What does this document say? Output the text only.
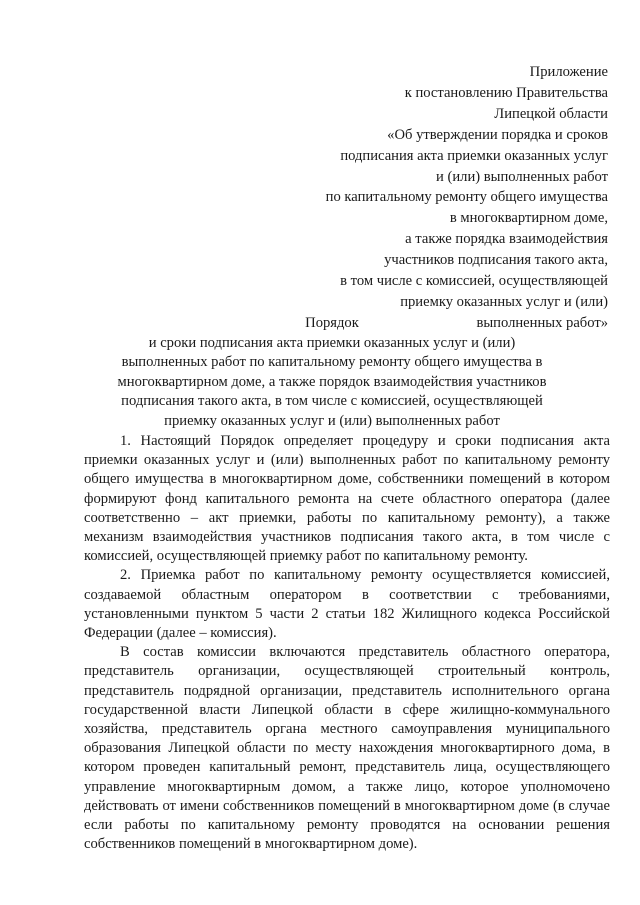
Приложение
к постановлению Правительства
Липецкой области
«Об утверждении порядка и сроков
подписания акта приемки оказанных услуг
и (или) выполненных работ
по капитальному ремонту общего имущества
в многоквартирном доме,
а также порядка взаимодействия
участников подписания такого акта,
в том числе с комиссией, осуществляющей
приемку оказанных услуг и (или)
выполненных работ»
Порядок
и сроки подписания акта приемки оказанных услуг и (или)
выполненных работ по капитальному ремонту общего имущества в
многоквартирном доме, а также порядок взаимодействия участников
подписания такого акта, в том числе с комиссией, осуществляющей
приемку оказанных услуг и (или) выполненных работ

1. Настоящий Порядок определяет процедуру и сроки подписания акта приемки оказанных услуг и (или) выполненных работ по капитальному ремонту общего имущества в многоквартирном доме, собственники помещений в котором формируют фонд капитального ремонта на счете областного оператора (далее соответственно – акт приемки, работы по капитальному ремонту), а также механизм взаимодействия участников подписания такого акта, в том числе с комиссией, осуществляющей приемку работ по капитальному ремонту.

2. Приемка работ по капитальному ремонту осуществляется комиссией, создаваемой областным оператором в соответствии с требованиями, установленными пунктом 5 части 2 статьи 182 Жилищного кодекса Российской Федерации (далее – комиссия).

В состав комиссии включаются представитель областного оператора, представитель организации, осуществляющей строительный контроль, представитель подрядной организации, представитель исполнительного органа государственной власти Липецкой области в сфере жилищно-коммунального хозяйства, представитель органа местного самоуправления муниципального образования Липецкой области по месту нахождения многоквартирного дома, в котором проведен капитальный ремонт, представитель лица, осуществляющего управление многоквартирным домом, а также лицо, которое уполномочено действовать от имени собственников помещений в многоквартирном доме (в случае если работы по капитальному ремонту проводятся на основании решения собственников помещений в многоквартирном доме).
